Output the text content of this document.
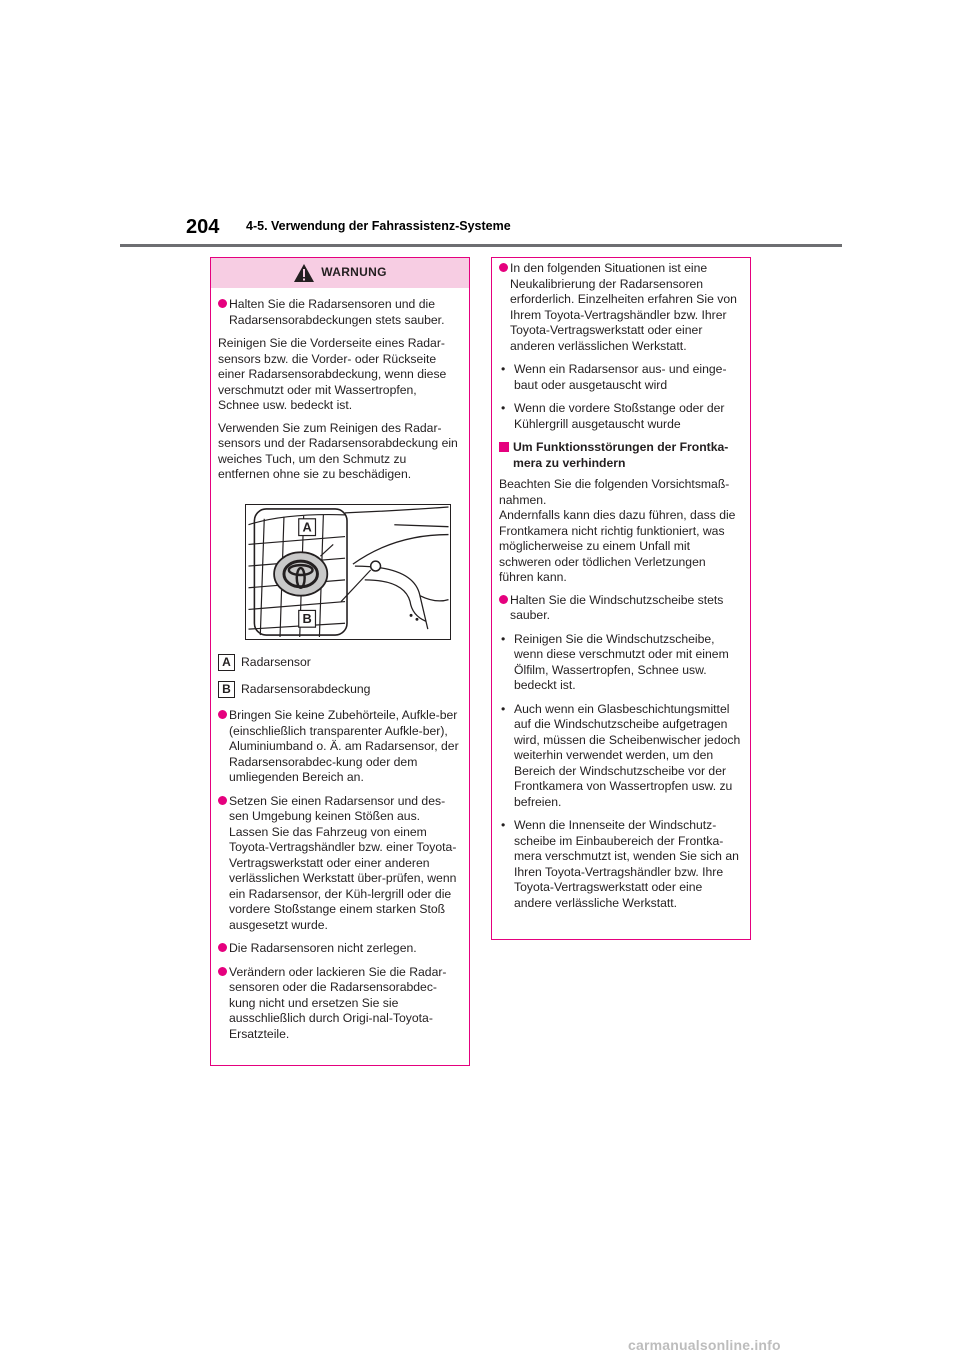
204 4-5. Verwendung der Fahrassistenz-Systeme
WARNUNG

Halten Sie die Radarsensoren und die Radarsensorabdeckungen stets sauber.

Reinigen Sie die Vorderseite eines Radar-sensors bzw. die Vorder- oder Rückseite einer Radarsensorabdeckung, wenn diese verschmutzt oder mit Wassertropfen, Schnee usw. bedeckt ist.

Verwenden Sie zum Reinigen des Radar-sensors und der Radarsensorabdeckung ein weiches Tuch, um den Schmutz zu entfernen ohne sie zu beschädigen.

A
B
A Radarsensor
B Radarsensorabdeckung

Bringen Sie keine Zubehörteile, Aufkle-ber (einschließlich transparenter Aufkle-ber), Aluminiumband o. Ä. am Radarsensor, der Radarsensorabdec-kung oder dem umliegenden Bereich an.

Setzen Sie einen Radarsensor und des-sen Umgebung keinen Stößen aus. Lassen Sie das Fahrzeug von einem Toyota-Vertragshändler bzw. einer Toyota-Vertragswerkstatt oder einer anderen verlässlichen Werkstatt über-prüfen, wenn ein Radarsensor, der Küh-lergrill oder die vordere Stoßstange einem starken Stoß ausgesetzt wurde.

Die Radarsensoren nicht zerlegen.

Verändern oder lackieren Sie die Radar-sensoren oder die Radarsensorabdec-kung nicht und ersetzen Sie sie ausschließlich durch Origi-nal-Toyota-Ersatzteile.

In den folgenden Situationen ist eine Neukalibrierung der Radarsensoren erforderlich. Einzelheiten erfahren Sie von Ihrem Toyota-Vertragshändler bzw. Ihrer Toyota-Vertragswerkstatt oder einer anderen verlässlichen Werkstatt.

• Wenn ein Radarsensor aus- und einge-baut oder ausgetauscht wird

• Wenn die vordere Stoßstange oder der Kühlergrill ausgetauscht wurde

Um Funktionsstörungen der Frontka-mera zu verhindern

Beachten Sie die folgenden Vorsichtsmaß-nahmen.

Andernfalls kann dies dazu führen, dass die Frontkamera nicht richtig funktioniert, was möglicherweise zu einem Unfall mit schweren oder tödlichen Verletzungen führen kann.

Halten Sie die Windschutzscheibe stets sauber.

• Reinigen Sie die Windschutzscheibe, wenn diese verschmutzt oder mit einem Ölfilm, Wassertropfen, Schnee usw. bedeckt ist.

• Auch wenn ein Glasbeschichtungsmittel auf die Windschutzscheibe aufgetragen wird, müssen die Scheibenwischer jedoch weiterhin verwendet werden, um den Bereich der Windschutzscheibe vor der Frontkamera von Wassertropfen usw. zu befreien.

• Wenn die Innenseite der Windschutz-scheibe im Einbaubereich der Frontka-mera verschmutzt ist, wenden Sie sich an Ihren Toyota-Vertragshändler bzw. Ihre Toyota-Vertragswerkstatt oder eine andere verlässliche Werkstatt.

carmanualsonline.info
